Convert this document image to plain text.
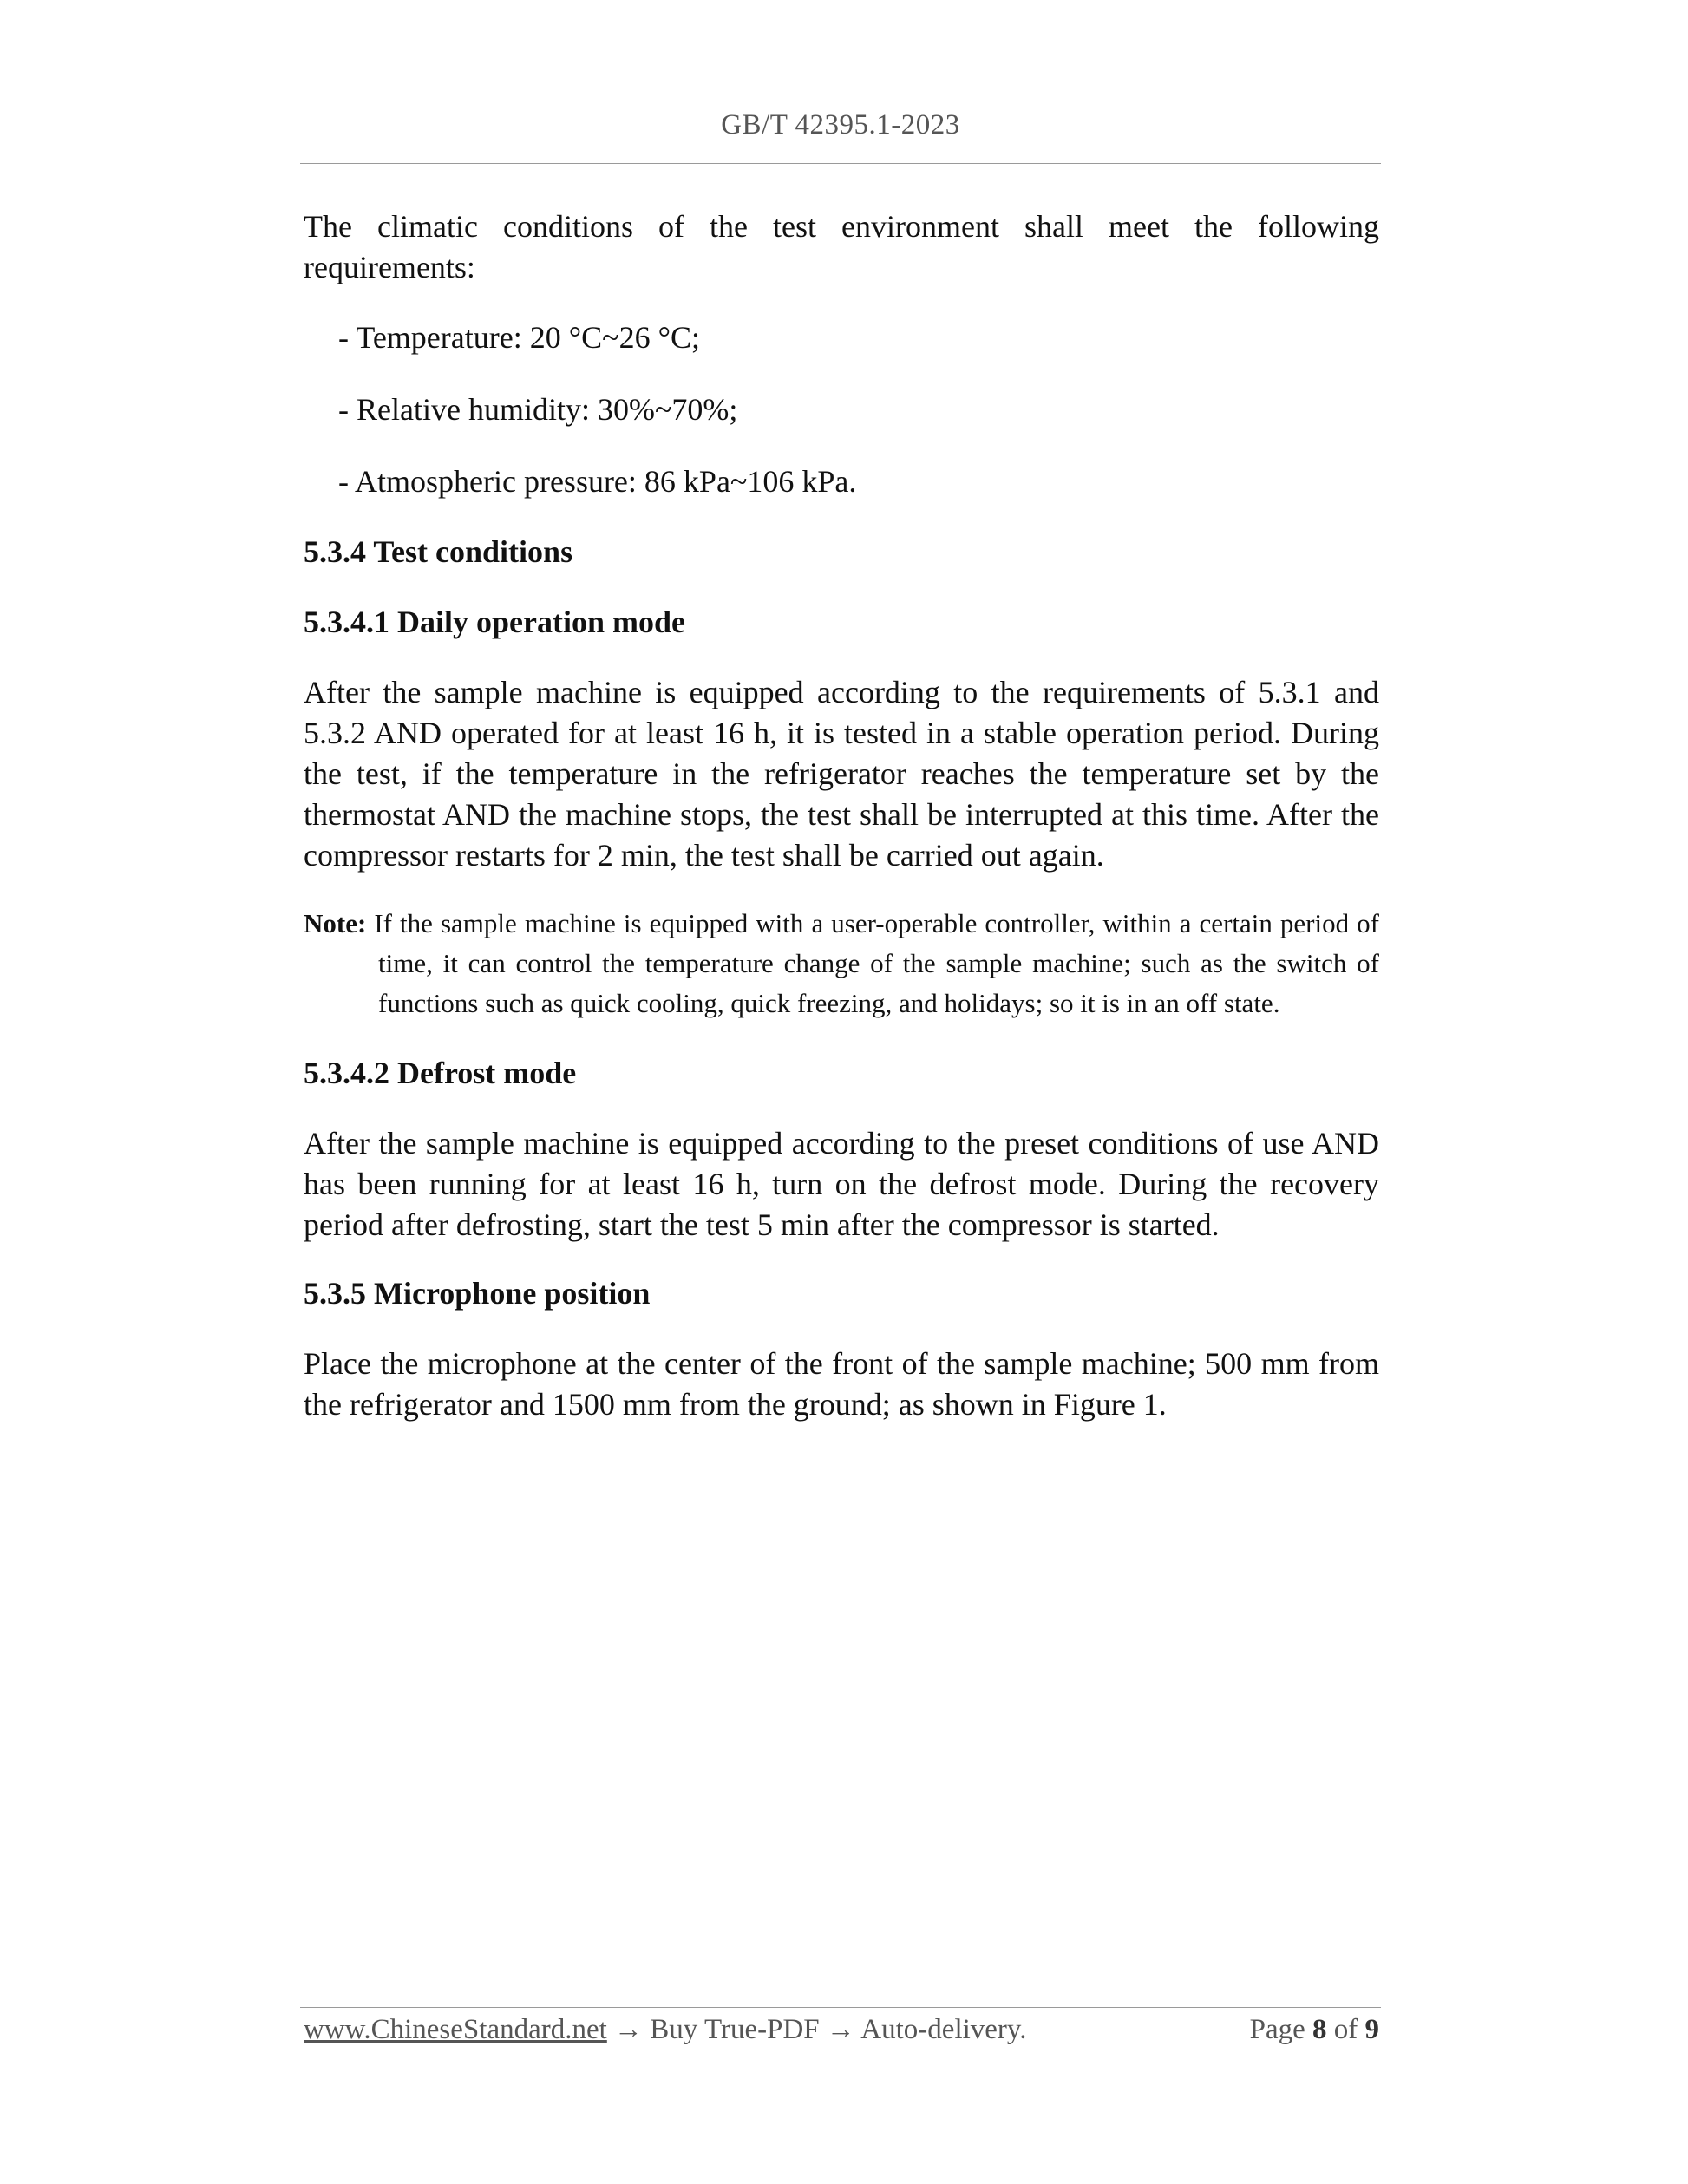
GB/T 42395.1-2023

The climatic conditions of the test environment shall meet the following requirements:

- Temperature: 20 °C~26 °C;
- Relative humidity: 30%~70%;
- Atmospheric pressure: 86 kPa~106 kPa.
5.3.4 Test conditions
5.3.4.1 Daily operation mode

After the sample machine is equipped according to the requirements of 5.3.1 and 5.3.2 AND operated for at least 16 h, it is tested in a stable operation period. During the test, if the temperature in the refrigerator reaches the temperature set by the thermostat AND the machine stops, the test shall be interrupted at this time. After the compressor restarts for 2 min, the test shall be carried out again.

Note: If the sample machine is equipped with a user-operable controller, within a certain period of time, it can control the temperature change of the sample machine; such as the switch of functions such as quick cooling, quick freezing, and holidays; so it is in an off state.

5.3.4.2 Defrost mode

After the sample machine is equipped according to the preset conditions of use AND has been running for at least 16 h, turn on the defrost mode. During the recovery period after defrosting, start the test 5 min after the compressor is started.

5.3.5 Microphone position

Place the microphone at the center of the front of the sample machine; 500 mm from the refrigerator and 1500 mm from the ground; as shown in Figure 1.

www.ChineseStandard.net → Buy True-PDF → Auto-delivery.	Page 8 of 9
